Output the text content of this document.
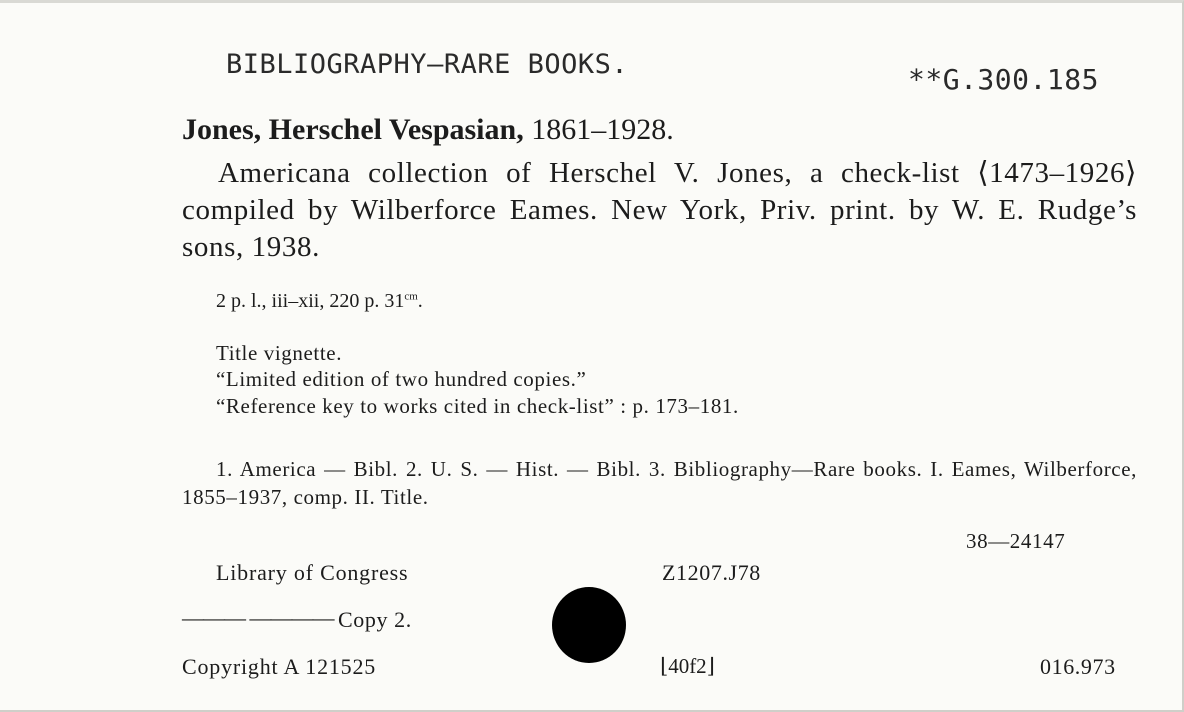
BIBLIOGRAPHY—RARE BOOKS.	**G.300.185

Jones, Herschel Vespasian, 1861–1928.

Americana collection of Herschel V. Jones, a check-list ⟨1473–1926⟩ compiled by Wilberforce Eames. New York, Priv. print. by W. E. Rudge’s sons, 1938.

2 p. l., iii–xii, 220 p. $31^{cm}$.

Title vignette.

“Limited edition of two hundred copies.”

“Reference key to works cited in check-list” : p. 173–181.

1. America — Bibl. 2. U. S. — Hist. — Bibl. 3. Bibliography—Rare books. I. Eames, Wilberforce, 1855–1937, comp. II. Title.

38—24147

Library of Congress	Z1207.J78

——— ———— Copy 2.

Copyright A 121525	⌊40f2⌋	016.973
